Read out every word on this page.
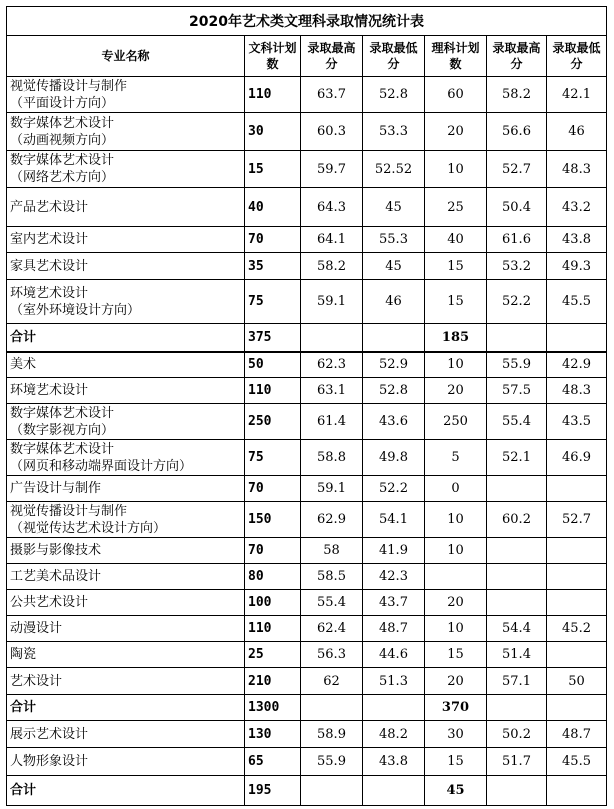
2020年艺术类文理科录取情况统计表						
专业名称	文科计划数	录取最高分	录取最低分	理科计划数	录取最高分	录取最低分

视觉传播设计与制作
（平面设计方向）	110	63.7	52.8	60	58.2	42.1

数字媒体艺术设计
（动画视频方向）	30	60.3	53.3	20	56.6	46

数字媒体艺术设计
（网络艺术方向）	15	59.7	52.52	10	52.7	48.3

产品艺术设计	40	64.3	45	25	50.4	43.2

室内艺术设计	70	64.1	55.3	40	61.6	43.8

家具艺术设计	35	58.2	45	15	53.2	49.3

环境艺术设计
（室外环境设计方向）	75	59.1	46	15	52.2	45.5

合计	375			185		

美术	50	62.3	52.9	10	55.9	42.9

环境艺术设计	110	63.1	52.8	20	57.5	48.3

数字媒体艺术设计
（数字影视方向）	250	61.4	43.6	250	55.4	43.5

数字媒体艺术设计
（网页和移动端界面设计方向）	75	58.8	49.8	5	52.1	46.9

广告设计与制作	70	59.1	52.2	0		

视觉传播设计与制作
（视觉传达艺术设计方向）	150	62.9	54.1	10	60.2	52.7

摄影与影像技术	70	58	41.9	10		

工艺美术品设计	80	58.5	42.3			

公共艺术设计	100	55.4	43.7	20		

动漫设计	110	62.4	48.7	10	54.4	45.2

陶瓷	25	56.3	44.6	15	51.4	

艺术设计	210	62	51.3	20	57.1	50

合计	1300			370		

展示艺术设计	130	58.9	48.2	30	50.2	48.7

人物形象设计	65	55.9	43.8	15	51.7	45.5

合计	195			45		
